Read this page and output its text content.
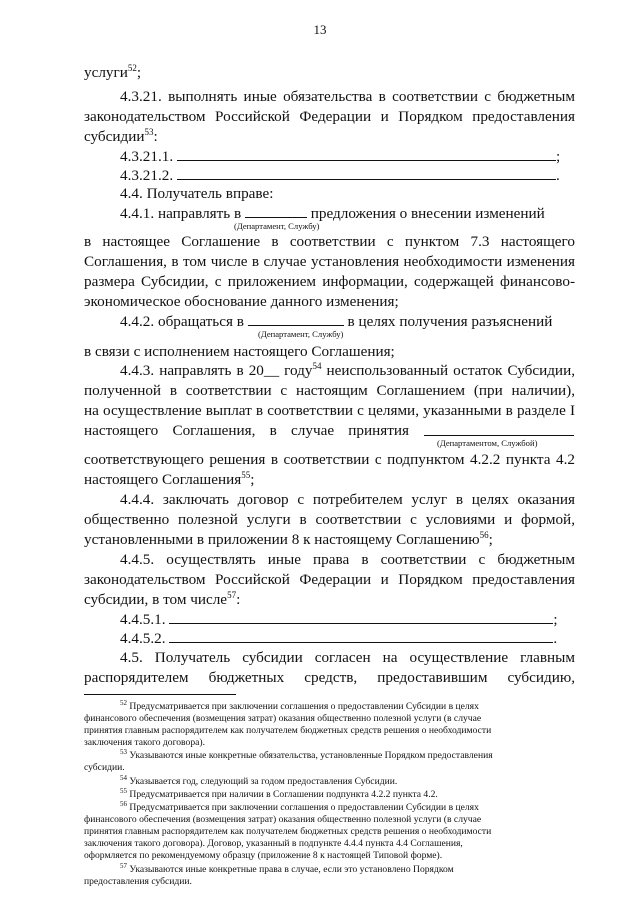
13
услуги$^{52}$;
4.3.21. выполнять иные обязательства в соответствии с бюджетным
законодательством Российской Федерации и Порядком предоставления
субсидии$^{53}$:
4.3.21.1.	;
4.3.21.2.	.
4.4. Получатель вправе:
4.4.1. направлять в	предложения о внесении изменений
(Департамент, Службу)
в настоящее Соглашение в соответствии с пунктом 7.3 настоящего
Соглашения, в том числе в случае установления необходимости изменения
размера Субсидии, с приложением информации, содержащей финансово-
экономическое обоснование данного изменения;
4.4.2. обращаться в	в целях получения разъяснений
(Департамент, Службу)
в связи с исполнением настоящего Соглашения;
4.4.3. направлять в 20__ году$^{54}$ неиспользованный остаток Субсидии,
полученной в соответствии с настоящим Соглашением (при наличии),
на осуществление выплат в соответствии с целями, указанными в разделе I
настоящего Соглашения, в случае принятия
(Департаментом, Службой)
соответствующего решения в соответствии с подпунктом 4.2.2 пункта 4.2
настоящего Соглашения$^{55}$;
4.4.4. заключать договор с потребителем услуг в целях оказания
общественно полезной услуги в соответствии с условиями и формой,
установленными в приложении 8 к настоящему Соглашению$^{56}$;
4.4.5. осуществлять иные права в соответствии с бюджетным
законодательством Российской Федерации и Порядком предоставления
субсидии, в том числе$^{57}$:
4.4.5.1.	;
4.4.5.2.	.
4.5. Получатель субсидии согласен на осуществление главным
распорядителем бюджетных средств, предоставившим субсидию,
$^{52}$ Предусматривается при заключении соглашения о предоставлении Субсидии в целях
финансового обеспечения (возмещения затрат) оказания общественно полезной услуги (в случае
принятия главным распорядителем как получателем бюджетных средств решения о необходимости
заключения такого договора).
$^{53}$ Указываются иные конкретные обязательства, установленные Порядком предоставления
субсидии.
$^{54}$ Указывается год, следующий за годом предоставления Субсидии.
$^{55}$ Предусматривается при наличии в Соглашении подпункта 4.2.2 пункта 4.2.
$^{56}$ Предусматривается при заключении соглашения о предоставлении Субсидии в целях
финансового обеспечения (возмещения затрат) оказания общественно полезной услуги (в случае
принятия главным распорядителем как получателем бюджетных средств решения о необходимости
заключения такого договора). Договор, указанный в подпункте 4.4.4 пункта 4.4 Соглашения,
оформляется по рекомендуемому образцу (приложение 8 к настоящей Типовой форме).
$^{57}$ Указываются иные конкретные права в случае, если это установлено Порядком
предоставления субсидии.
